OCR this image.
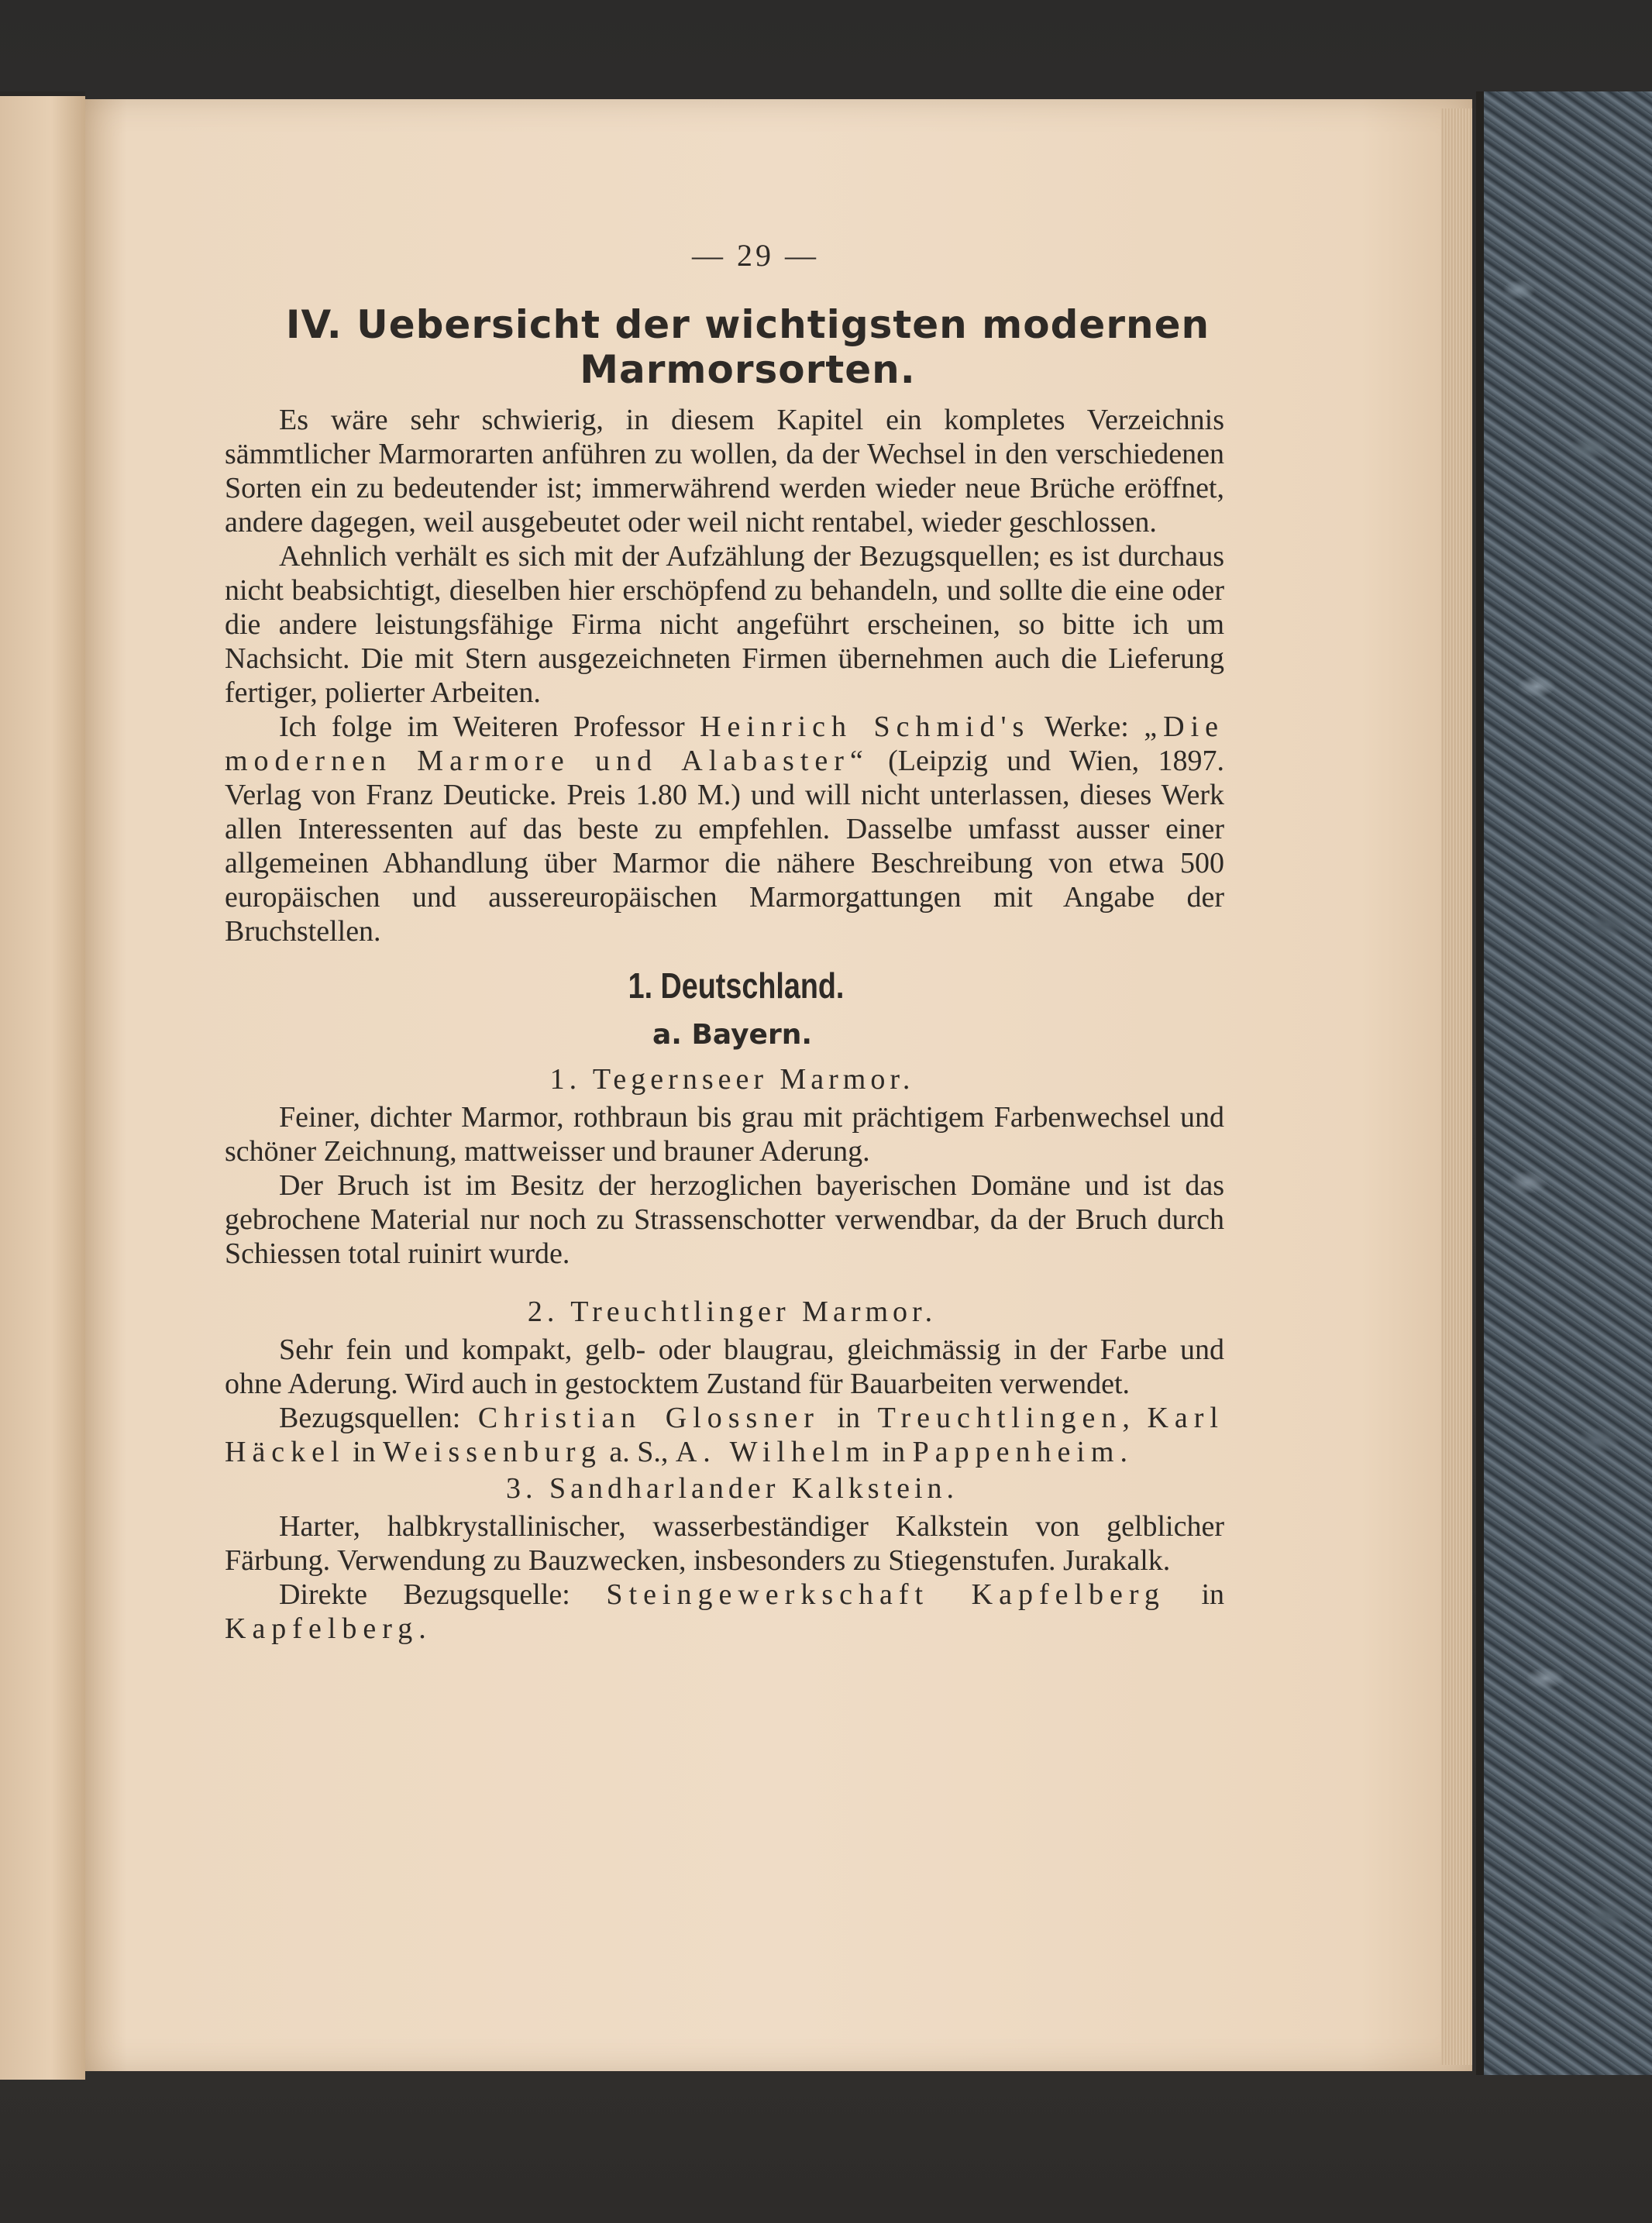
— 29 —
IV. Uebersicht der wichtigsten modernen
Marmorsorten.

Es wäre sehr schwierig, in diesem Kapitel ein kompletes Verzeichnis sämmtlicher Marmorarten anführen zu wollen, da der Wechsel in den verschiedenen Sorten ein zu bedeutender ist; immerwährend werden wieder neue Brüche eröffnet, andere dagegen, weil ausgebeutet oder weil nicht rentabel, wieder geschlossen.

Aehnlich verhält es sich mit der Aufzählung der Bezugsquellen; es ist durchaus nicht beabsichtigt, dieselben hier erschöpfend zu behandeln, und sollte die eine oder die andere leistungsfähige Firma nicht angeführt erscheinen, so bitte ich um Nachsicht. Die mit Stern ausgezeichneten Firmen übernehmen auch die Lieferung fertiger, polierter Arbeiten.

Ich folge im Weiteren Professor Heinrich Schmid's Werke: „Die modernen Marmore und Alabaster“ (Leipzig und Wien, 1897. Verlag von Franz Deuticke. Preis 1.80 M.) und will nicht unterlassen, dieses Werk allen Interessenten auf das beste zu empfehlen. Dasselbe umfasst ausser einer allgemeinen Abhandlung über Marmor die nähere Beschreibung von etwa 500 europäischen und aussereuropäischen Marmorgattungen mit Angabe der Bruchstellen.

1. Deutschland.
a. Bayern.
1. Tegernseer Marmor.

Feiner, dichter Marmor, rothbraun bis grau mit prächtigem Farbenwechsel und schöner Zeichnung, mattweisser und brauner Aderung.

Der Bruch ist im Besitz der herzoglichen bayerischen Domäne und ist das gebrochene Material nur noch zu Strassenschotter verwendbar, da der Bruch durch Schiessen total ruinirt wurde.

2. Treuchtlinger Marmor.

Sehr fein und kompakt, gelb- oder blaugrau, gleichmässig in der Farbe und ohne Aderung. Wird auch in gestocktem Zustand für Bauarbeiten verwendet.

Bezugsquellen: Christian Glossner in Treuchtlingen, Karl Häckel in Weissenburg a. S., A. Wilhelm in Pappenheim.

3. Sandharlander Kalkstein.

Harter, halbkrystallinischer, wasserbeständiger Kalkstein von gelblicher Färbung. Verwendung zu Bauzwecken, insbesonders zu Stiegenstufen. Jurakalk.

Direkte Bezugsquelle: Steingewerkschaft Kapfelberg in Kapfelberg.
